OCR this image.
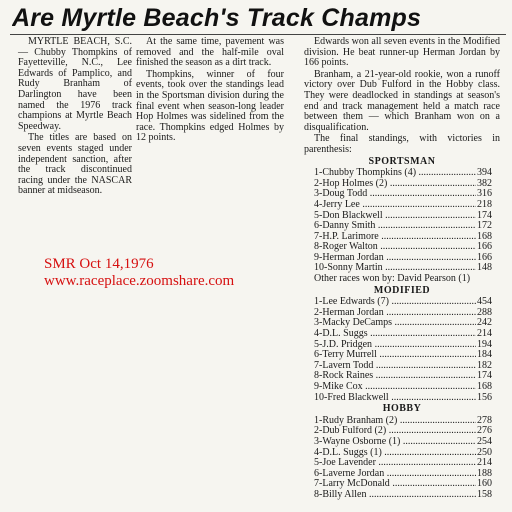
Are Myrtle Beach's Track Champs

MYRTLE BEACH, S.C. — Chubby Thompkins of Fayetteville, N.C., Lee Edwards of Pamplico, and Rudy Branham of Darlington have been named the 1976 track champions at Myrtle Beach Speedway.

The titles are based on seven events staged under independent sanction, after the track discontinued racing under the NASCAR banner at midseason.

At the same time, pavement was removed and the half-mile oval finished the season as a dirt track.

Thompkins, winner of four events, took over the standings lead in the Sportsman division during the final event when season-long leader Hop Holmes was sidelined from the race. Thompkins edged Holmes by 12 points.

Edwards won all seven events in the Modified division. He beat runner-up Herman Jordan by 166 points.

Branham, a 21-year-old rookie, won a runoff victory over Dub Fulford in the Hobby class. They were deadlocked in standings at season's end and track management held a match race between them — which Branham won on a disqualification.

The final standings, with victories in parenthesis:

SPORTSMAN
1-Chubby Thompkins (4) .....	394
2-Hop Holmes (2) .....	382
3-Doug Todd .....	316
4-Jerry Lee .....	218
5-Don Blackwell .....	174
6-Danny Smith .....	172
7-H.P. Larimore .....	168
8-Roger Walton .....	166
9-Herman Jordan .....	166
10-Sonny Martin .....	148
Other races won by: David Pearson (1)
MODIFIED
1-Lee Edwards (7) .....	454
2-Herman Jordan .....	288
3-Macky DeCamps .....	242
4-D.L. Suggs .....	214
5-J.D. Pridgen .....	194
6-Terry Murrell .....	184
7-Lavern Todd .....	182
8-Rock Raines .....	174
9-Mike Cox .....	168
10-Fred Blackwell .....	156
HOBBY
1-Rudy Branham (2) .....	278
2-Dub Fulford (2) .....	276
3-Wayne Osborne (1) .....	254
4-D.L. Suggs (1) .....	250
5-Joe Lavender .....	214
6-Laverne Jordan .....	188
7-Larry McDonald .....	160
8-Billy Allen .....	158
SMR Oct 14,1976
www.raceplace.zoomshare.com
